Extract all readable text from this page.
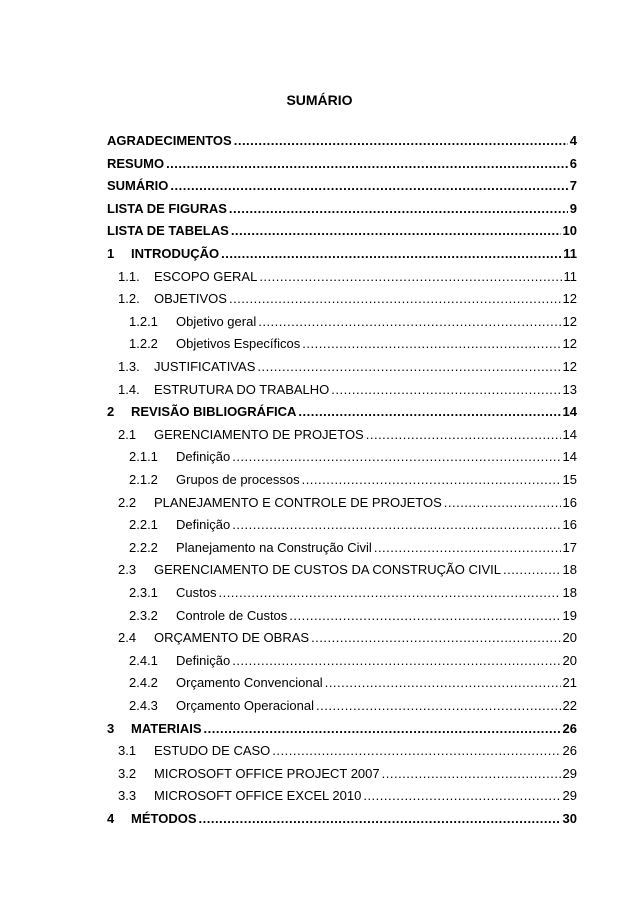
SUMÁRIO
AGRADECIMENTOS .....	4
RESUMO .....	6
SUMÁRIO .....	7
LISTA DE FIGURAS .....	9
LISTA DE TABELAS .....	10
1	INTRODUÇÃO .....	11
1.1.	ESCOPO GERAL .....	11
1.2.	OBJETIVOS .....	12
1.2.1	Objetivo geral .....	12
1.2.2	Objetivos Específicos .....	12
1.3.	JUSTIFICATIVAS .....	12
1.4.	ESTRUTURA DO TRABALHO .....	13
2	REVISÃO BIBLIOGRÁFICA .....	14
2.1	GERENCIAMENTO DE PROJETOS .....	14
2.1.1	Definição .....	14
2.1.2	Grupos de processos .....	15
2.2	PLANEJAMENTO E CONTROLE DE PROJETOS .....	16
2.2.1	Definição .....	16
2.2.2	Planejamento na Construção Civil .....	17
2.3	GERENCIAMENTO DE CUSTOS DA CONSTRUÇÃO CIVIL .....	18
2.3.1	Custos .....	18
2.3.2	Controle de Custos .....	19
2.4	ORÇAMENTO DE OBRAS .....	20
2.4.1	Definição .....	20
2.4.2	Orçamento Convencional .....	21
2.4.3	Orçamento Operacional .....	22
3	MATERIAIS .....	26
3.1	ESTUDO DE CASO .....	26
3.2	MICROSOFT OFFICE PROJECT 2007 .....	29
3.3	MICROSOFT OFFICE EXCEL 2010 .....	29
4	MÉTODOS .....	30
